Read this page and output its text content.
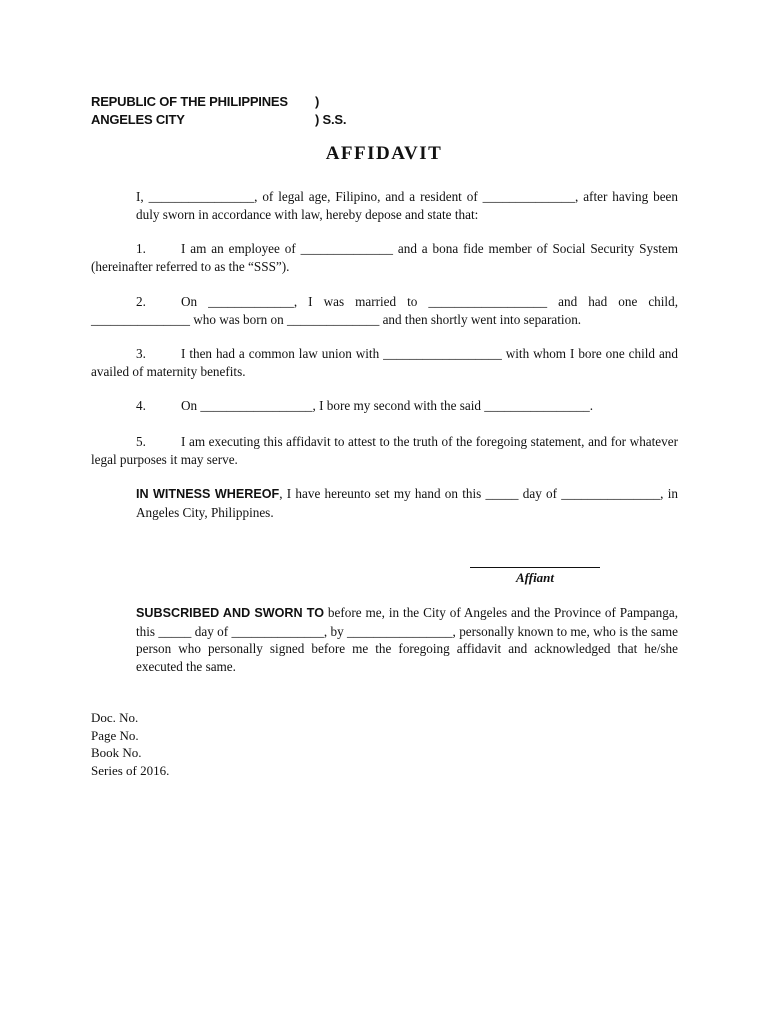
REPUBLIC OF THE PHILIPPINES	)
ANGELES CITY	) S.S.
AFFIDAVIT

I, ________________, of legal age, Filipino, and a resident of ______________, after having been duly sworn in accordance with law, hereby depose and state that:

1.	I am an employee of ______________ and a bona fide member of Social Security System (hereinafter referred to as the “SSS”).

2.	On _____________, I was married to __________________ and had one child, _______________ who was born on ______________ and then shortly went into separation.

3.	I then had a common law union with __________________ with whom I bore one child and availed of maternity benefits.

4.	On _________________, I bore my second with the said ________________.

5.	I am executing this affidavit to attest to the truth of the foregoing statement, and for whatever legal purposes it may serve.

IN WITNESS WHEREOF, I have hereunto set my hand on this _____ day of _______________, in Angeles City, Philippines.

Affiant

SUBSCRIBED AND SWORN TO before me, in the City of Angeles and the Province of Pampanga, this _____ day of ______________, by ________________, personally known to me, who is the same person who personally signed before me the foregoing affidavit and acknowledged that he/she executed the same.

Doc. No.
Page No.
Book No.
Series of 2016.
